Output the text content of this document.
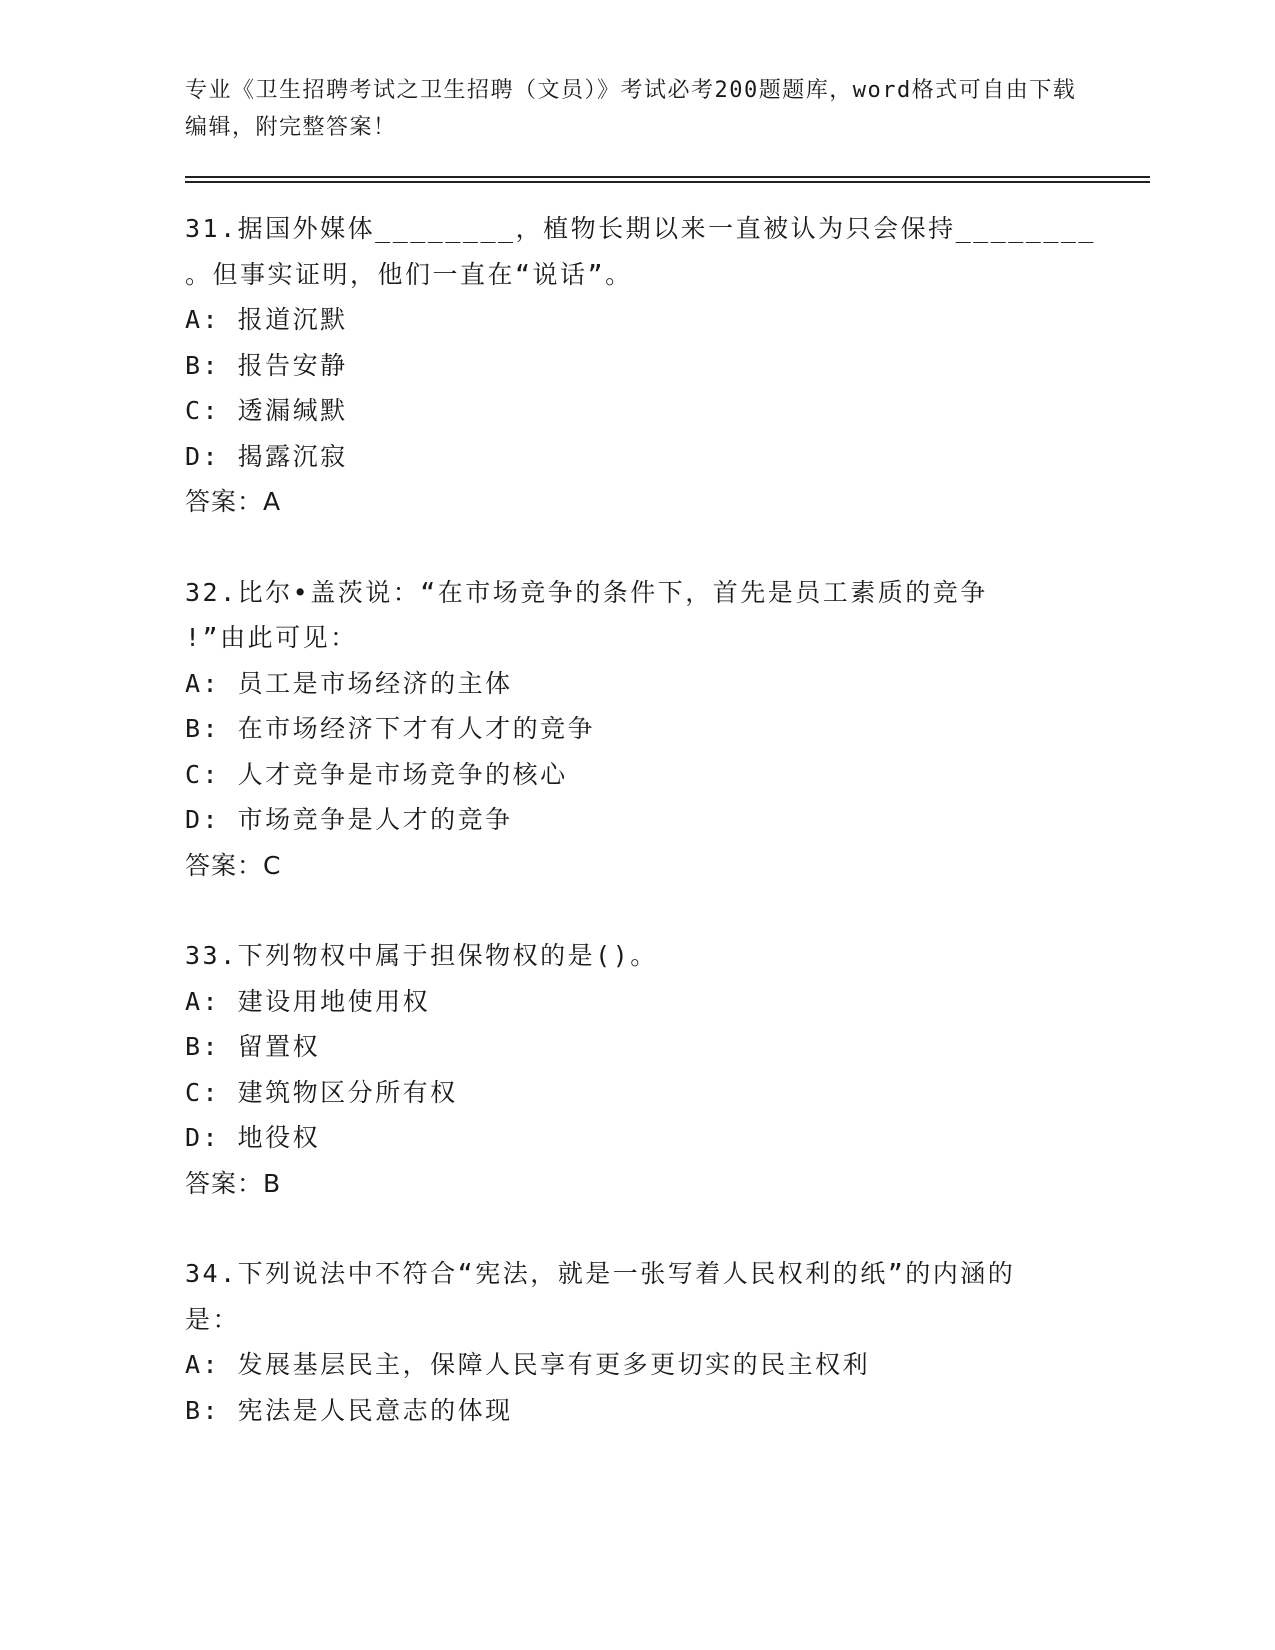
专业《卫生招聘考试之卫生招聘（文员）》考试必考200题题库，word格式可自由下载编辑，附完整答案！
31.据国外媒体________，植物长期以来一直被认为只会保持________
。但事实证明，他们一直在“说话”。
A: 报道沉默
B: 报告安静
C: 透漏缄默
D: 揭露沉寂
答案：A
32.比尔•盖茨说：“在市场竞争的条件下，首先是员工素质的竞争
!”由此可见：
A: 员工是市场经济的主体
B: 在市场经济下才有人才的竞争
C: 人才竞争是市场竞争的核心
D: 市场竞争是人才的竞争
答案：C
33.下列物权中属于担保物权的是()。
A: 建设用地使用权
B: 留置权
C: 建筑物区分所有权
D: 地役权
答案：B
34.下列说法中不符合“宪法，就是一张写着人民权利的纸”的内涵的
是：
A: 发展基层民主，保障人民享有更多更切实的民主权利
B: 宪法是人民意志的体现
